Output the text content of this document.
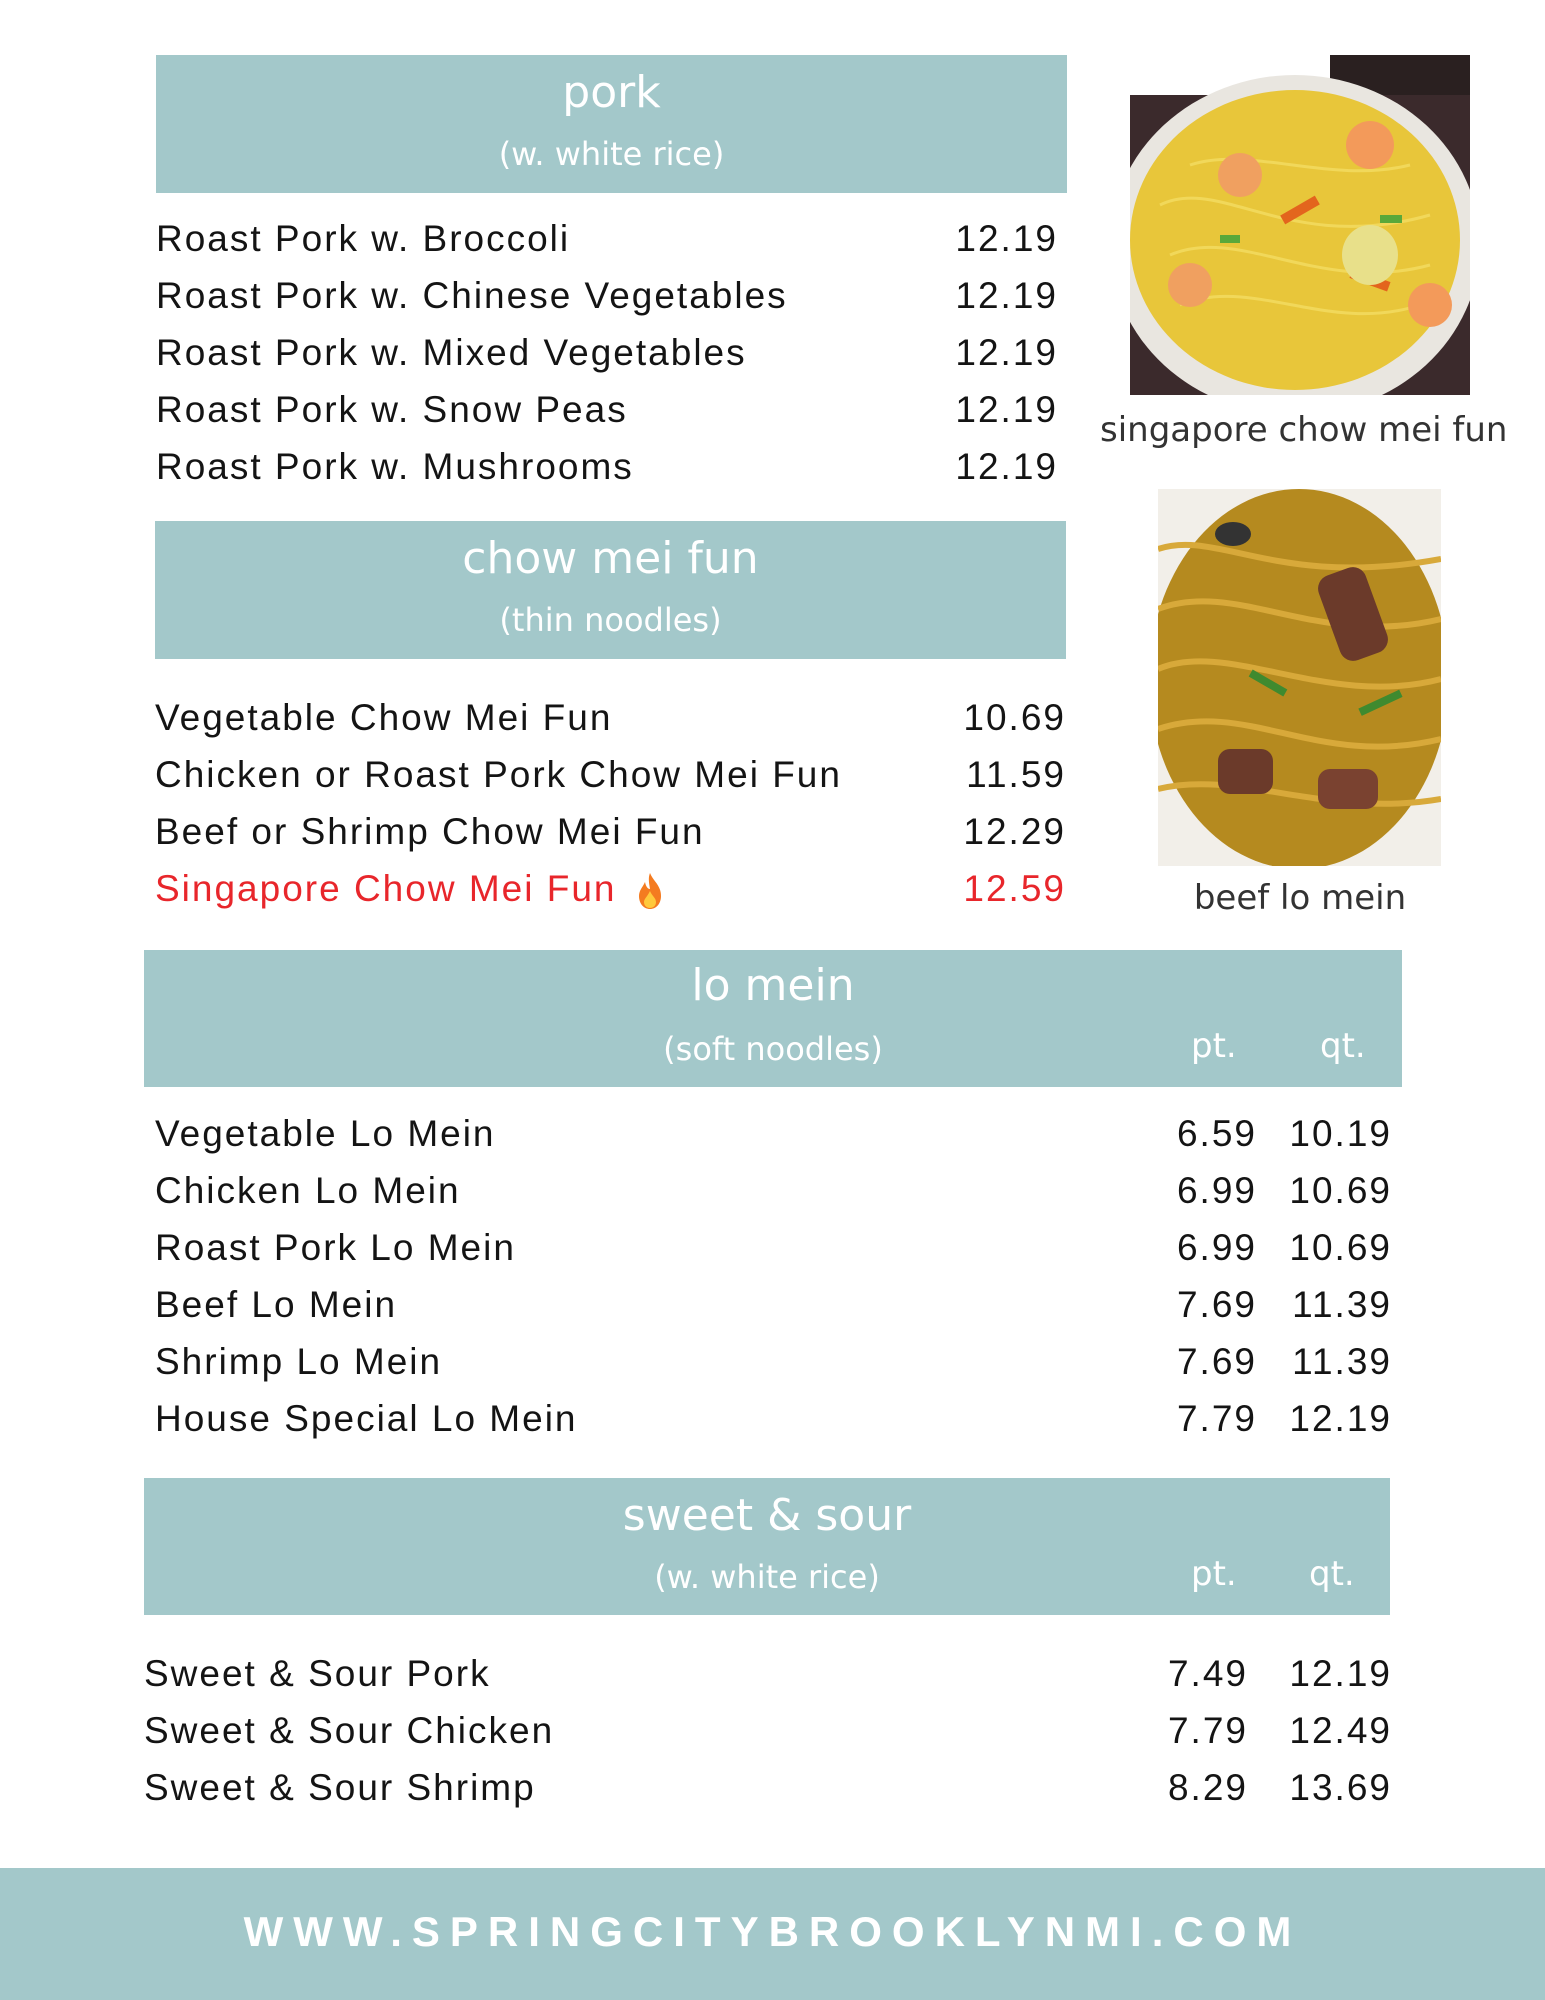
pork
(w. white rice)
Roast Pork w. Broccoli	12.19
Roast Pork w. Chinese Vegetables	12.19
Roast Pork w. Mixed Vegetables	12.19
Roast Pork w. Snow Peas	12.19
Roast Pork w. Mushrooms	12.19
chow mei fun
(thin noodles)
Vegetable Chow Mei Fun	10.69
Chicken or Roast Pork Chow Mei Fun	11.59
Beef or Shrimp Chow Mei Fun	12.29
Singapore Chow Mei Fun	12.59
singapore chow mei fun
beef lo mein
lo mein
(soft noodles)	pt. qt.
Vegetable Lo Mein	6.59 10.19
Chicken Lo Mein	6.99 10.69
Roast Pork Lo Mein	6.99 10.69
Beef Lo Mein	7.69 11.39
Shrimp Lo Mein	7.69 11.39
House Special Lo Mein	7.79 12.19
sweet & sour
(w. white rice)	pt. qt.
Sweet & Sour Pork	7.49 12.19
Sweet & Sour Chicken	7.79 12.49
Sweet & Sour Shrimp	8.29 13.69
WWW.SPRINGCITYBROOKLYNMI.COM
